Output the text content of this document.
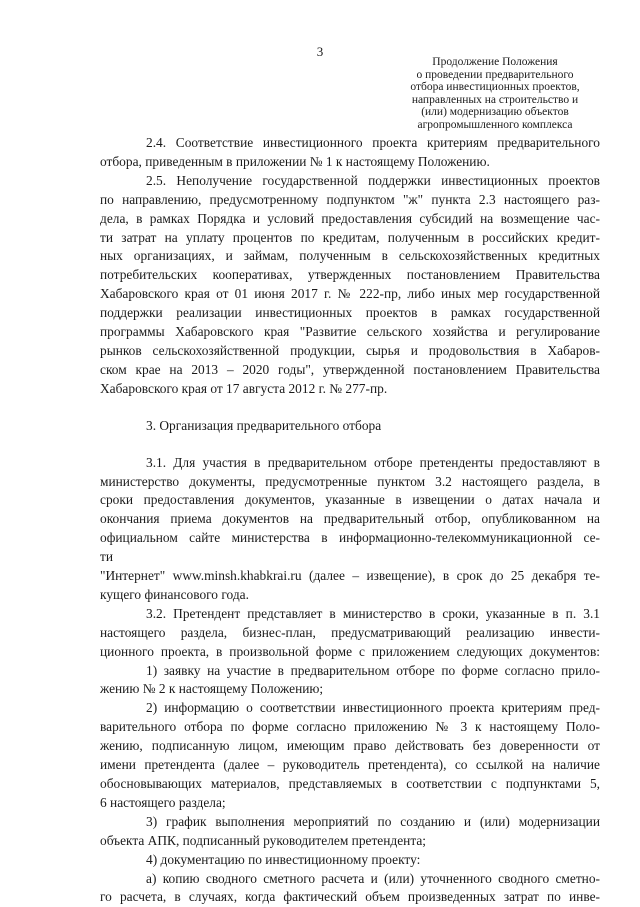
3
Продолжение Положения
о проведении предварительного
отбора инвестиционных проектов,
направленных на строительство и
(или) модернизацию объектов
агропромышленного комплекса
2.4. Соответствие инвестиционного проекта критериям предварительного
отбора, приведенным в приложении № 1 к настоящему Положению.
2.5. Неполучение государственной поддержки инвестиционных проектов
по направлению, предусмотренному подпунктом "ж" пункта 2.3 настоящего раз-
дела, в рамках Порядка и условий предоставления субсидий на возмещение час-
ти затрат на уплату процентов по кредитам, полученным в российских кредит-
ных организациях, и займам, полученным в сельскохозяйственных кредитных
потребительских кооперативах, утвержденных постановлением Правительства
Хабаровского края от 01 июня 2017 г. № 222-пр, либо иных мер государственной
поддержки реализации инвестиционных проектов в рамках государственной
программы Хабаровского края "Развитие сельского хозяйства и регулирование
рынков сельскохозяйственной продукции, сырья и продовольствия в Хабаров-
ском крае на 2013 – 2020 годы", утвержденной постановлением Правительства
Хабаровского края от 17 августа 2012 г. № 277-пр.
3. Организация предварительного отбора
3.1. Для участия в предварительном отборе претенденты предоставляют в
министерство документы, предусмотренные пунктом 3.2 настоящего раздела, в
сроки предоставления документов, указанные в извещении о датах начала и
окончания приема документов на предварительный отбор, опубликованном на
официальном сайте министерства в информационно-телекоммуникационной се-
ти
"Интернет" www.minsh.khabkrai.ru (далее – извещение), в срок до 25 декабря те-
кущего финансового года.
3.2. Претендент представляет в министерство в сроки, указанные в п. 3.1
настоящего раздела, бизнес-план, предусматривающий реализацию инвести-
ционного проекта, в произвольной форме с приложением следующих документов:
1) заявку на участие в предварительном отборе по форме согласно прило-
жению № 2 к настоящему Положению;
2) информацию о соответствии инвестиционного проекта критериям пред-
варительного отбора по форме согласно приложению № 3 к настоящему Поло-
жению, подписанную лицом, имеющим право действовать без доверенности от
имени претендента (далее – руководитель претендента), со ссылкой на наличие
обосновывающих материалов, представляемых в соответствии с подпунктами 5,
6 настоящего раздела;
3) график выполнения мероприятий по созданию и (или) модернизации
объекта АПК, подписанный руководителем претендента;
4) документацию по инвестиционному проекту:
а) копию сводного сметного расчета и (или) уточненного сводного сметно-
го расчета, в случаях, когда фактический объем произведенных затрат по инве-
